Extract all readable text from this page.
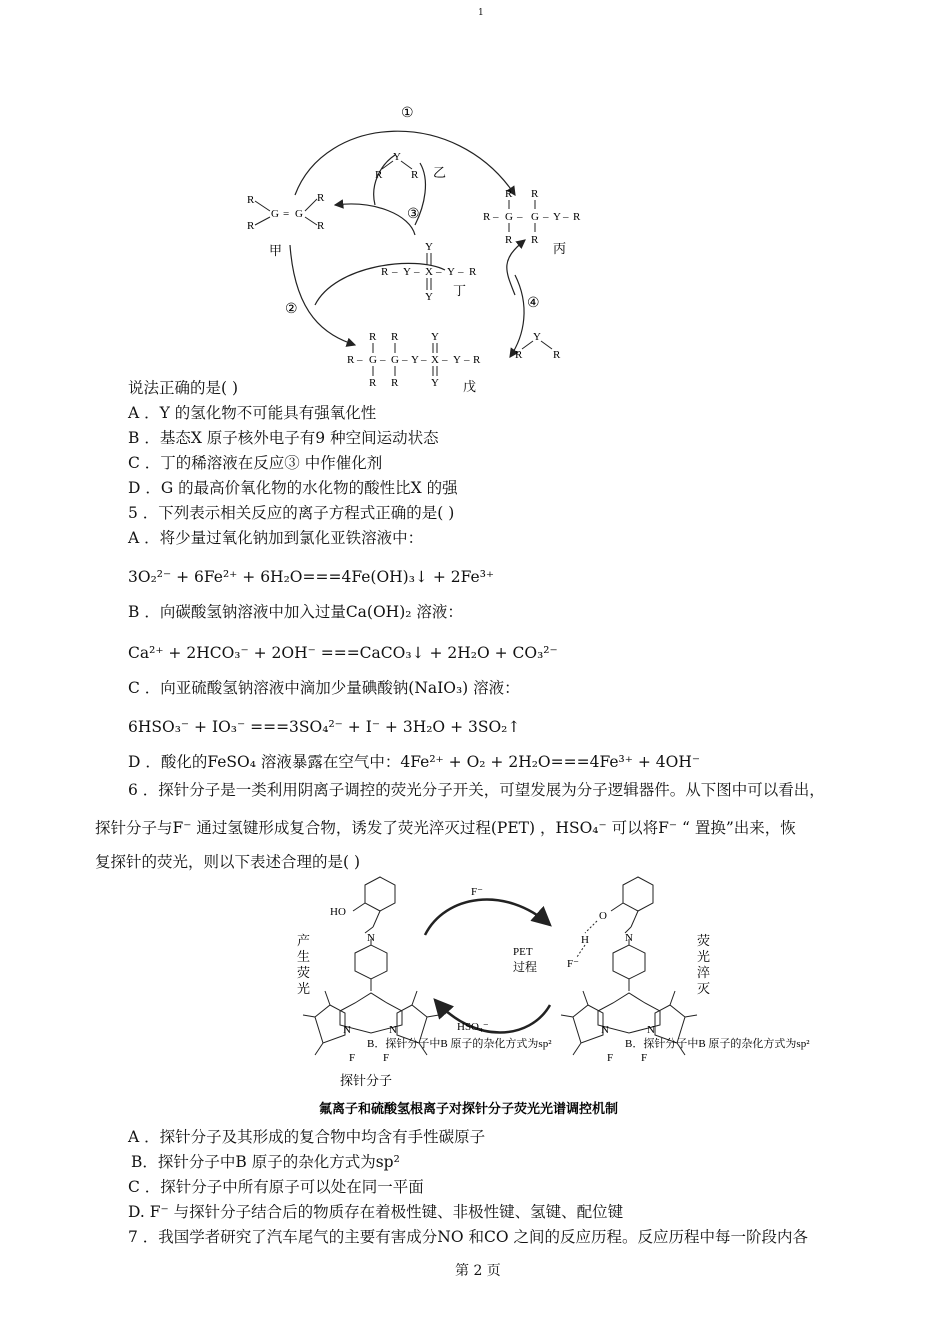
1
①
②
③
④
R
R
G = G
R
R
甲
Y
R	R 乙
R R
R – G – G – Y – R
R R
丙
Y
R – Y – X – Y – R
Y 丁
R R	Y
R – G – G – Y – X – Y – R
R R	Y 戊
Y
R	R
说法正确的是( )
A ．Y 的氢化物不可能具有强氧化性
B ．基态X 原子核外电子有9 种空间运动状态
C ．丁的稀溶液在反应③ 中作催化剂
D ．G 的最高价氧化物的水化物的酸性比X 的强
5 ．下列表示相关反应的离子方程式正确的是( )
A ．将少量过氧化钠加到氯化亚铁溶液中：
3O₂²⁻ + 6Fe²⁺ + 6H₂O===4Fe(OH)₃↓ + 2Fe³⁺
B ．向碳酸氢钠溶液中加入过量Ca(OH)₂ 溶液：
Ca²⁺ + 2HCO₃⁻ + 2OH⁻ ===CaCO₃↓ + 2H₂O + CO₃²⁻
C ．向亚硫酸氢钠溶液中滴加少量碘酸钠(NaIO₃) 溶液：
6HSO₃⁻ + IO₃⁻ ===3SO₄²⁻ + I⁻ + 3H₂O + 3SO₂↑
D ．酸化的FeSO₄ 溶液暴露在空气中：4Fe²⁺ + O₂ + 2H₂O===4Fe³⁺ + 4OH⁻
6 ．探针分子是一类利用阴离子调控的荧光分子开关，可望发展为分子逻辑器件。从下图中可以看出，
探针分子与F⁻ 通过氢键形成复合物，诱发了荧光淬灭过程(PET) ，HSO₄⁻ 可以将F⁻ “ 置换”出来，恢
复探针的荧光，则以下表述合理的是( )
HO
N
N	N
B．探针分子中B 原子的杂化方式为sp²
F	F
产生荧光
探针分子
F⁻
PET
过程
HSO₄⁻
O
H
F⁻
N
N	N
B．探针分子中B 原子的杂化方式为sp²
F	F
荧光淬灭
氟离子和硫酸氢根离子对探针分子荧光光谱调控机制
A ．探针分子及其形成的复合物中均含有手性碳原子
B．探针分子中B 原子的杂化方式为sp²
C ．探针分子中所有原子可以处在同一平面
D. F⁻ 与探针分子结合后的物质存在着极性键、非极性键、氢键、配位键
7 ．我国学者研究了汽车尾气的主要有害成分NO 和CO 之间的反应历程。反应历程中每一阶段内各
第 2 页
